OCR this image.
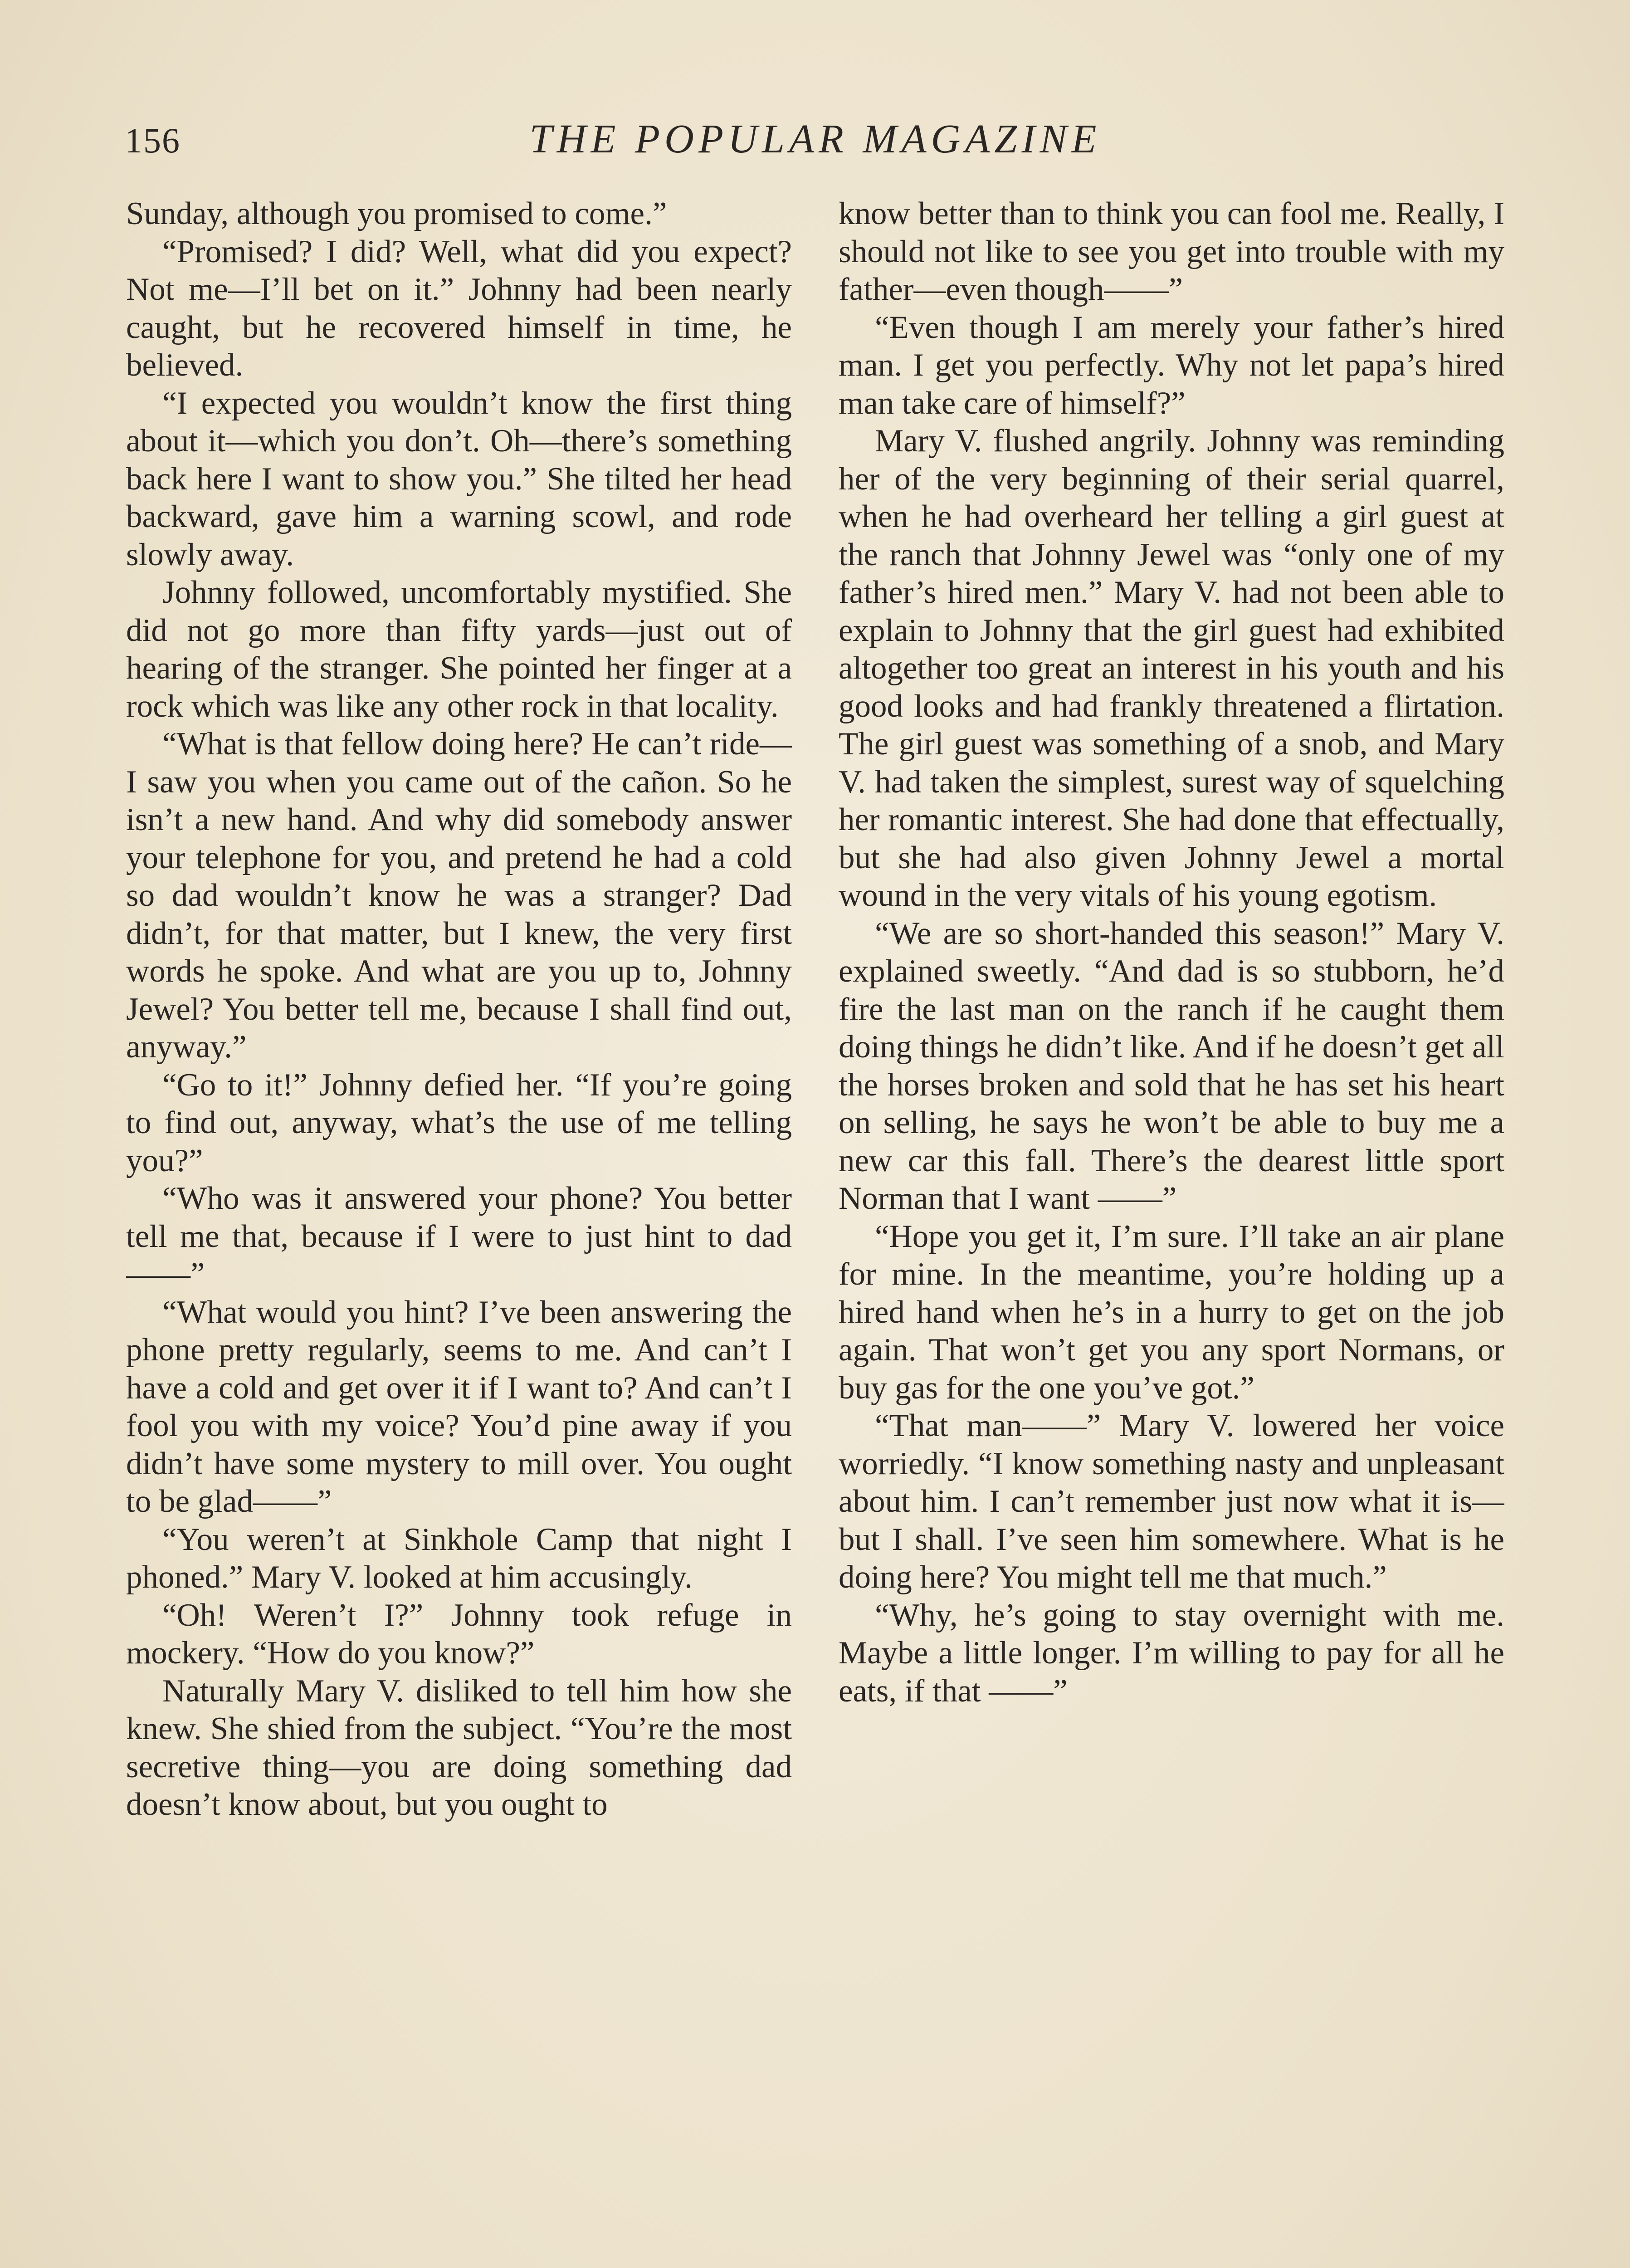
156	THE POPULAR MAGAZINE

Sunday, although you promised to come.”

“Promised? I did? Well, what did you expect? Not me—I’ll bet on it.” Johnny had been nearly caught, but he recovered himself in time, he believed.

“I expected you wouldn’t know the first thing about it—which you don’t. Oh—there’s something back here I want to show you.” She tilted her head backward, gave him a warning scowl, and rode slowly away.

Johnny followed, uncomfortably mystified. She did not go more than fifty yards—just out of hearing of the stranger. She pointed her finger at a rock which was like any other rock in that locality.

“What is that fellow doing here? He can’t ride—I saw you when you came out of the cañon. So he isn’t a new hand. And why did somebody answer your telephone for you, and pretend he had a cold so dad wouldn’t know he was a stranger? Dad didn’t, for that matter, but I knew, the very first words he spoke. And what are you up to, Johnny Jewel? You better tell me, because I shall find out, anyway.”

“Go to it!” Johnny defied her. “If you’re going to find out, anyway, what’s the use of me telling you?”

“Who was it answered your phone? You better tell me that, because if I were to just hint to dad——”

“What would you hint? I’ve been answering the phone pretty regularly, seems to me. And can’t I have a cold and get over it if I want to? And can’t I fool you with my voice? You’d pine away if you didn’t have some mystery to mill over. You ought to be glad——”

“You weren’t at Sinkhole Camp that night I phoned.” Mary V. looked at him accusingly.

“Oh! Weren’t I?” Johnny took refuge in mockery. “How do you know?”

Naturally Mary V. disliked to tell him how she knew. She shied from the subject. “You’re the most secretive thing—you are doing something dad doesn’t know about, but you ought to

know better than to think you can fool me. Really, I should not like to see you get into trouble with my father—even though——”

“Even though I am merely your father’s hired man. I get you perfectly. Why not let papa’s hired man take care of himself?”

Mary V. flushed angrily. Johnny was reminding her of the very beginning of their serial quarrel, when he had overheard her telling a girl guest at the ranch that Johnny Jewel was “only one of my father’s hired men.” Mary V. had not been able to explain to Johnny that the girl guest had exhibited altogether too great an interest in his youth and his good looks and had frankly threatened a flirtation. The girl guest was something of a snob, and Mary V. had taken the simplest, surest way of squelching her romantic interest. She had done that effectually, but she had also given Johnny Jewel a mortal wound in the very vitals of his young egotism.

“We are so short-handed this season!” Mary V. explained sweetly. “And dad is so stubborn, he’d fire the last man on the ranch if he caught them doing things he didn’t like. And if he doesn’t get all the horses broken and sold that he has set his heart on selling, he says he won’t be able to buy me a new car this fall. There’s the dearest little sport Norman that I want ——”

“Hope you get it, I’m sure. I’ll take an air plane for mine. In the meantime, you’re holding up a hired hand when he’s in a hurry to get on the job again. That won’t get you any sport Normans, or buy gas for the one you’ve got.”

“That man——” Mary V. lowered her voice worriedly. “I know something nasty and unpleasant about him. I can’t remember just now what it is—but I shall. I’ve seen him somewhere. What is he doing here? You might tell me that much.”

“Why, he’s going to stay overnight with me. Maybe a little longer. I’m willing to pay for all he eats, if that ——”
